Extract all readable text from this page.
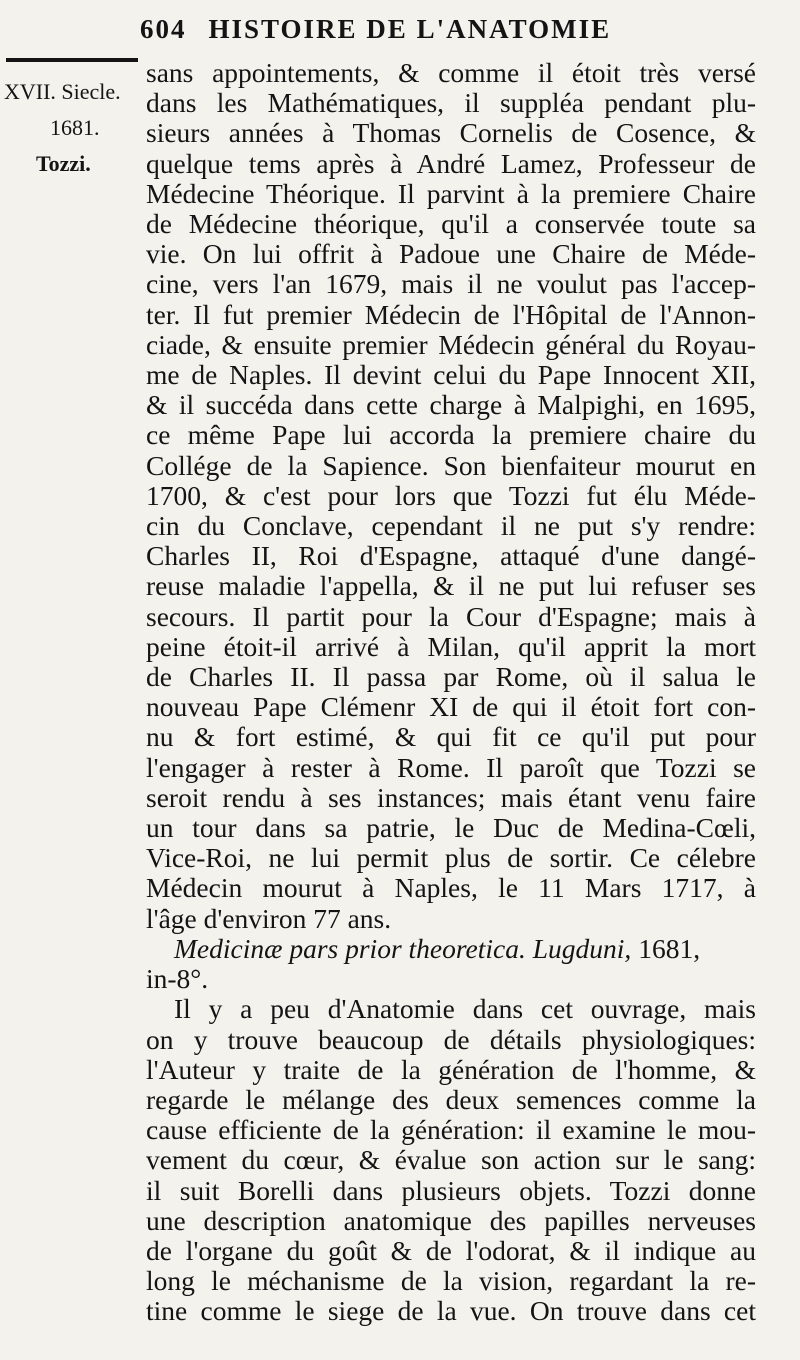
604 HISTOIRE DE L'ANATOMIE
XVII. Siecle.
1681.
Tozzi.
sans appointements, & comme il étoit très versé
dans les Mathématiques, il suppléa pendant plu-
sieurs années à Thomas Cornelis de Cosence, &
quelque tems après à André Lamez, Professeur de
Médecine Théorique. Il parvint à la premiere Chaire
de Médecine théorique, qu'il a conservée toute sa
vie. On lui offrit à Padoue une Chaire de Méde-
cine, vers l'an 1679, mais il ne voulut pas l'accep-
ter. Il fut premier Médecin de l'Hôpital de l'Annon-
ciade, & ensuite premier Médecin général du Royau-
me de Naples. Il devint celui du Pape Innocent XII,
& il succéda dans cette charge à Malpighi, en 1695,
ce même Pape lui accorda la premiere chaire du
Collége de la Sapience. Son bienfaiteur mourut en
1700, & c'est pour lors que Tozzi fut élu Méde-
cin du Conclave, cependant il ne put s'y rendre:
Charles II, Roi d'Espagne, attaqué d'une dangé-
reuse maladie l'appella, & il ne put lui refuser ses
secours. Il partit pour la Cour d'Espagne; mais à
peine étoit-il arrivé à Milan, qu'il apprit la mort
de Charles II. Il passa par Rome, où il salua le
nouveau Pape Clémenr XI de qui il étoit fort con-
nu & fort estimé, & qui fit ce qu'il put pour
l'engager à rester à Rome. Il paroît que Tozzi se
seroit rendu à ses instances; mais étant venu faire
un tour dans sa patrie, le Duc de Medina-Cœli,
Vice-Roi, ne lui permit plus de sortir. Ce célebre
Médecin mourut à Naples, le 11 Mars 1717, à
l'âge d'environ 77 ans.
Medicinæ pars prior theoretica. Lugduni, 1681,
in-8°.
Il y a peu d'Anatomie dans cet ouvrage, mais
on y trouve beaucoup de détails physiologiques:
l'Auteur y traite de la génération de l'homme, &
regarde le mélange des deux semences comme la
cause efficiente de la génération: il examine le mou-
vement du cœur, & évalue son action sur le sang:
il suit Borelli dans plusieurs objets. Tozzi donne
une description anatomique des papilles nerveuses
de l'organe du goût & de l'odorat, & il indique au
long le méchanisme de la vision, regardant la re-
tine comme le siege de la vue. On trouve dans cet
